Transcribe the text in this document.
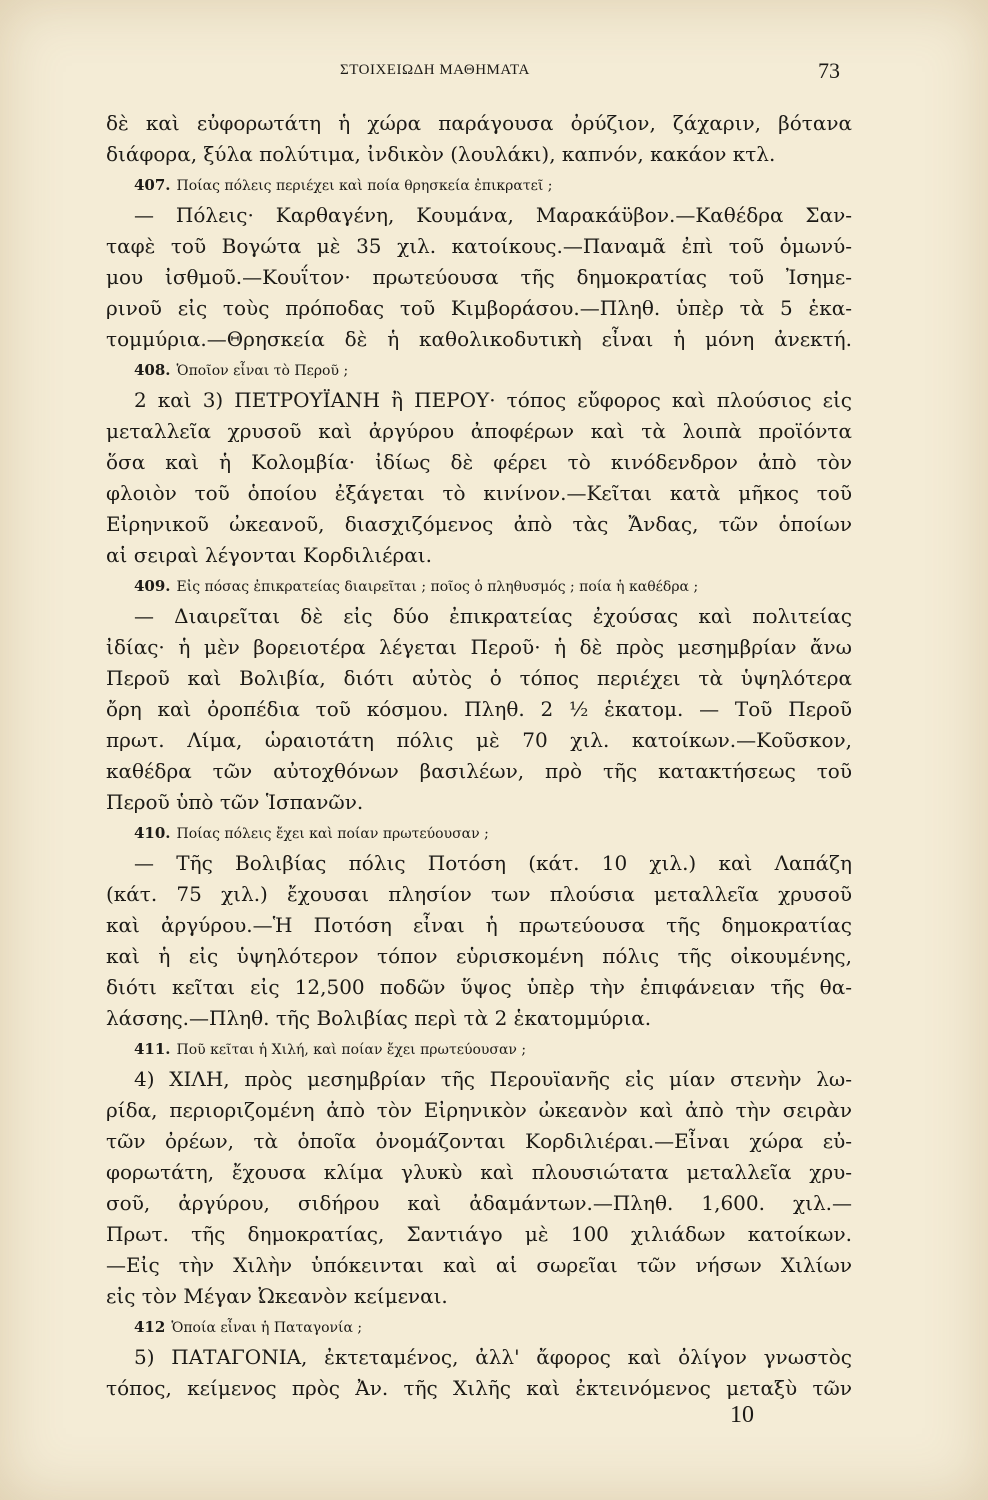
ΣΤΟΙΧΕΙΩΔΗ ΜΑΘΗΜΑΤΑ	73
δὲ καὶ εὐφορωτάτη ἡ χώρα παράγουσα ὀρύζιον, ζάχαριν, βότανα
διάφορα, ξύλα πολύτιμα, ἰνδικὸν (λουλάκι), καπνόν, κακάον κτλ.
407. Ποίας πόλεις περιέχει καὶ ποία θρησκεία ἐπικρατεῖ ;
— Πόλεις· Καρθαγένη, Κουμάνα, Μαρακάϋβον.—Καθέδρα Σαν-
ταφὲ τοῦ Βογώτα μὲ 35 χιλ. κατοίκους.—Παναμᾶ ἐπὶ τοῦ ὁμωνύ-
μου ἰσθμοῦ.—Κουΐτον· πρωτεύουσα τῆς δημοκρατίας τοῦ Ἰσημε-
ρινοῦ εἰς τοὺς πρόποδας τοῦ Κιμβοράσου.—Πληθ. ὑπὲρ τὰ 5 ἑκα-
τομμύρια.—Θρησκεία δὲ ἡ καθολικοδυτικὴ εἶναι ἡ μόνη ἀνεκτή.
408. Ὁποῖον εἶναι τὸ Περοῦ ;
2 καὶ 3) ΠΕΤΡΟΥΪΑΝΗ ἢ ΠΕΡΟΥ· τόπος εὔφορος καὶ πλούσιος εἰς
μεταλλεῖα χρυσοῦ καὶ ἀργύρου ἀποφέρων καὶ τὰ λοιπὰ προϊόντα
ὅσα καὶ ἡ Κολομβία· ἰδίως δὲ φέρει τὸ κινόδενδρον ἀπὸ τὸν
φλοιὸν τοῦ ὁποίου ἐξάγεται τὸ κινίνον.—Κεῖται κατὰ μῆκος τοῦ
Εἰρηνικοῦ ὠκεανοῦ, διασχιζόμενος ἀπὸ τὰς Ἄνδας, τῶν ὁποίων
αἱ σειραὶ λέγονται Κορδιλιέραι.
409. Εἰς πόσας ἐπικρατείας διαιρεῖται ; ποῖος ὁ πληθυσμός ; ποία ἡ καθέδρα ;
— Διαιρεῖται δὲ εἰς δύο ἐπικρατείας ἐχούσας καὶ πολιτείας
ἰδίας· ἡ μὲν βορειοτέρα λέγεται Περοῦ· ἡ δὲ πρὸς μεσημβρίαν ἄνω
Περοῦ καὶ Βολιβία, διότι αὐτὸς ὁ τόπος περιέχει τὰ ὑψηλότερα
ὄρη καὶ ὀροπέδια τοῦ κόσμου. Πληθ. 2 ½ ἑκατομ. — Τοῦ Περοῦ
πρωτ. Λίμα, ὡραιοτάτη πόλις μὲ 70 χιλ. κατοίκων.—Κοῦσκον,
καθέδρα τῶν αὐτοχθόνων βασιλέων, πρὸ τῆς κατακτήσεως τοῦ
Περοῦ ὑπὸ τῶν Ἱσπανῶν.
410. Ποίας πόλεις ἔχει καὶ ποίαν πρωτεύουσαν ;
— Τῆς Βολιβίας πόλις Ποτόση (κάτ. 10 χιλ.) καὶ Λαπάζη
(κάτ. 75 χιλ.) ἔχουσαι πλησίον των πλούσια μεταλλεῖα χρυσοῦ
καὶ ἀργύρου.—Ἡ Ποτόση εἶναι ἡ πρωτεύουσα τῆς δημοκρατίας
καὶ ἡ εἰς ὑψηλότερον τόπον εὑρισκομένη πόλις τῆς οἰκουμένης,
διότι κεῖται εἰς 12,500 ποδῶν ὕψος ὑπὲρ τὴν ἐπιφάνειαν τῆς θα-
λάσσης.—Πληθ. τῆς Βολιβίας περὶ τὰ 2 ἑκατομμύρια.
411. Ποῦ κεῖται ἡ Χιλή, καὶ ποίαν ἔχει πρωτεύουσαν ;
4) ΧΙΛΗ, πρὸς μεσημβρίαν τῆς Περουϊανῆς εἰς μίαν στενὴν λω-
ρίδα, περιοριζομένη ἀπὸ τὸν Εἰρηνικὸν ὠκεανὸν καὶ ἀπὸ τὴν σειρὰν
τῶν ὀρέων, τὰ ὁποῖα ὀνομάζονται Κορδιλιέραι.—Εἶναι χώρα εὐ-
φορωτάτη, ἔχουσα κλίμα γλυκὺ καὶ πλουσιώτατα μεταλλεῖα χρυ-
σοῦ, ἀργύρου, σιδήρου καὶ ἀδαμάντων.—Πληθ. 1,600. χιλ.—
Πρωτ. τῆς δημοκρατίας, Σαντιάγο μὲ 100 χιλιάδων κατοίκων.
—Εἰς τὴν Χιλὴν ὑπόκεινται καὶ αἱ σωρεῖαι τῶν νήσων Χιλίων
εἰς τὸν Μέγαν Ὠκεανὸν κείμεναι.
412 Ὁποία εἶναι ἡ Παταγονία ;
5) ΠΑΤΑΓΟΝΙΑ, ἐκτεταμένος, ἀλλ' ἄφορος καὶ ὀλίγον γνωστὸς
τόπος, κείμενος πρὸς Ἀν. τῆς Χιλῆς καὶ ἐκτεινόμενος μεταξὺ τῶν
10
